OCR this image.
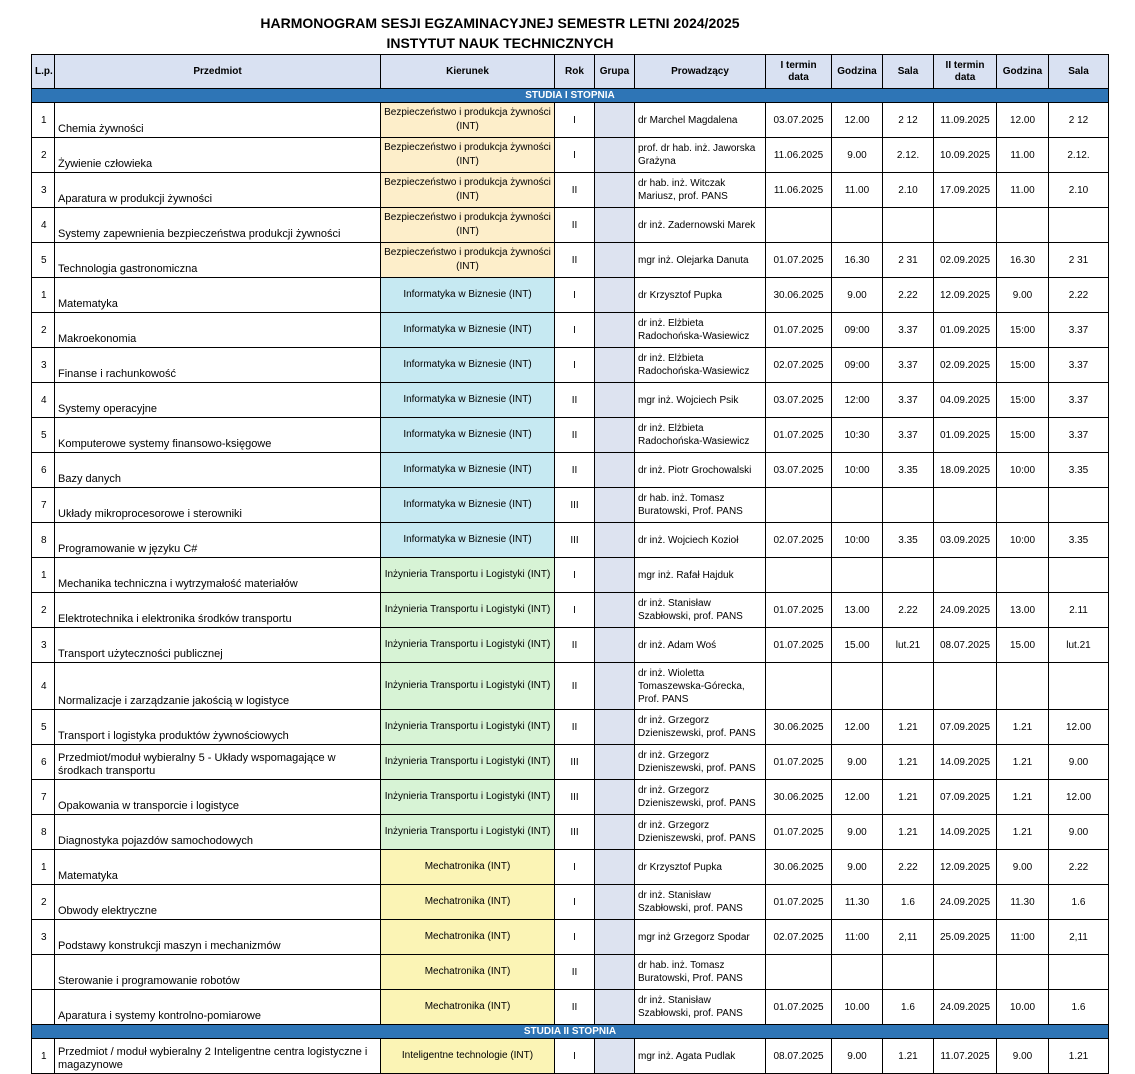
HARMONOGRAM SESJI EGZAMINACYJNEJ SEMESTR LETNI 2024/2025
INSTYTUT NAUK TECHNICZNYCH
L.p.	Przedmiot	Kierunek	Rok	Grupa	Prowadzący	I termin data	Godzina	Sala	II termin data	Godzina	Sala
STUDIA I STOPNIA											
1	Chemia żywności	Bezpieczeństwo i produkcja żywności (INT)	I		dr Marchel Magdalena	03.07.2025	12.00	2 12	11.09.2025	12.00	2 12
2	Żywienie człowieka	Bezpieczeństwo i produkcja żywności (INT)	I		prof. dr hab. inż. Jaworska Grażyna	11.06.2025	9.00	2.12.	10.09.2025	11.00	2.12.
3	Aparatura w produkcji żywności	Bezpieczeństwo i produkcja żywności (INT)	II		dr hab. inż. Witczak Mariusz, prof. PANS	11.06.2025	11.00	2.10	17.09.2025	11.00	2.10
4	Systemy zapewnienia bezpieczeństwa produkcji żywności	Bezpieczeństwo i produkcja żywności (INT)	II		dr inż. Zadernowski Marek						
5	Technologia gastronomiczna	Bezpieczeństwo i produkcja żywności (INT)	II		mgr inż. Olejarka Danuta	01.07.2025	16.30	2 31	02.09.2025	16.30	2 31
1	Matematyka	Informatyka w Biznesie (INT)	I		dr Krzysztof Pupka	30.06.2025	9.00	2.22	12.09.2025	9.00	2.22
2	Makroekonomia	Informatyka w Biznesie (INT)	I		dr inż. Elżbieta Radochońska-Wasiewicz	01.07.2025	09:00	3.37	01.09.2025	15:00	3.37
3	Finanse i rachunkowość	Informatyka w Biznesie (INT)	I		dr inż. Elżbieta Radochońska-Wasiewicz	02.07.2025	09:00	3.37	02.09.2025	15:00	3.37
4	Systemy operacyjne	Informatyka w Biznesie (INT)	II		mgr inż. Wojciech Psik	03.07.2025	12:00	3.37	04.09.2025	15:00	3.37
5	Komputerowe systemy finansowo-księgowe	Informatyka w Biznesie (INT)	II		dr inż. Elżbieta Radochońska-Wasiewicz	01.07.2025	10:30	3.37	01.09.2025	15:00	3.37
6	Bazy danych	Informatyka w Biznesie (INT)	II		dr inż. Piotr Grochowalski	03.07.2025	10:00	3.35	18.09.2025	10:00	3.35
7	Układy mikroprocesorowe i sterowniki	Informatyka w Biznesie (INT)	III		dr hab. inż. Tomasz Buratowski, Prof. PANS						
8	Programowanie w języku C#	Informatyka w Biznesie (INT)	III		dr inż. Wojciech Kozioł	02.07.2025	10:00	3.35	03.09.2025	10:00	3.35
1	Mechanika techniczna i wytrzymałość materiałów	Inżynieria Transportu i Logistyki (INT)	I		mgr inż. Rafał Hajduk						
2	Elektrotechnika i elektronika środków transportu	Inżynieria Transportu i Logistyki (INT)	I		dr inż. Stanisław Szabłowski, prof. PANS	01.07.2025	13.00	2.22	24.09.2025	13.00	2.11
3	Transport użyteczności publicznej	Inżynieria Transportu i Logistyki (INT)	II		dr inż. Adam Woś	01.07.2025	15.00	lut.21	08.07.2025	15.00	lut.21
4	Normalizacje i zarządzanie jakością w logistyce	Inżynieria Transportu i Logistyki (INT)	II		dr inż. Wioletta Tomaszewska-Górecka, Prof. PANS						
5	Transport i logistyka produktów żywnościowych	Inżynieria Transportu i Logistyki (INT)	II		dr inż. Grzegorz Dzieniszewski, prof. PANS	30.06.2025	12.00	1.21	07.09.2025	1.21	12.00
6	Przedmiot/moduł wybieralny 5 - Układy wspomagające w środkach transportu	Inżynieria Transportu i Logistyki (INT)	III		dr inż. Grzegorz Dzieniszewski, prof. PANS	01.07.2025	9.00	1.21	14.09.2025	1.21	9.00
7	Opakowania w transporcie i logistyce	Inżynieria Transportu i Logistyki (INT)	III		dr inż. Grzegorz Dzieniszewski, prof. PANS	30.06.2025	12.00	1.21	07.09.2025	1.21	12.00
8	Diagnostyka pojazdów samochodowych	Inżynieria Transportu i Logistyki (INT)	III		dr inż. Grzegorz Dzieniszewski, prof. PANS	01.07.2025	9.00	1.21	14.09.2025	1.21	9.00
1	Matematyka	Mechatronika (INT)	I		dr Krzysztof Pupka	30.06.2025	9.00	2.22	12.09.2025	9.00	2.22
2	Obwody elektryczne	Mechatronika (INT)	I		dr inż. Stanisław Szabłowski, prof. PANS	01.07.2025	11.30	1.6	24.09.2025	11.30	1.6
3	Podstawy konstrukcji maszyn i mechanizmów	Mechatronika (INT)	I		mgr inż Grzegorz Spodar	02.07.2025	11:00	2,11	25.09.2025	11:00	2,11
	Sterowanie i programowanie robotów	Mechatronika (INT)	II		dr hab. inż. Tomasz Buratowski, Prof. PANS						
	Aparatura i systemy kontrolno-pomiarowe	Mechatronika (INT)	II		dr inż. Stanisław Szabłowski, prof. PANS	01.07.2025	10.00	1.6	24.09.2025	10.00	1.6
STUDIA II STOPNIA											
1	Przedmiot / moduł wybieralny 2 Inteligentne centra logistyczne i magazynowe	Inteligentne technologie (INT)	I		mgr inż. Agata Pudlak	08.07.2025	9.00	1.21	11.07.2025	9.00	1.21
